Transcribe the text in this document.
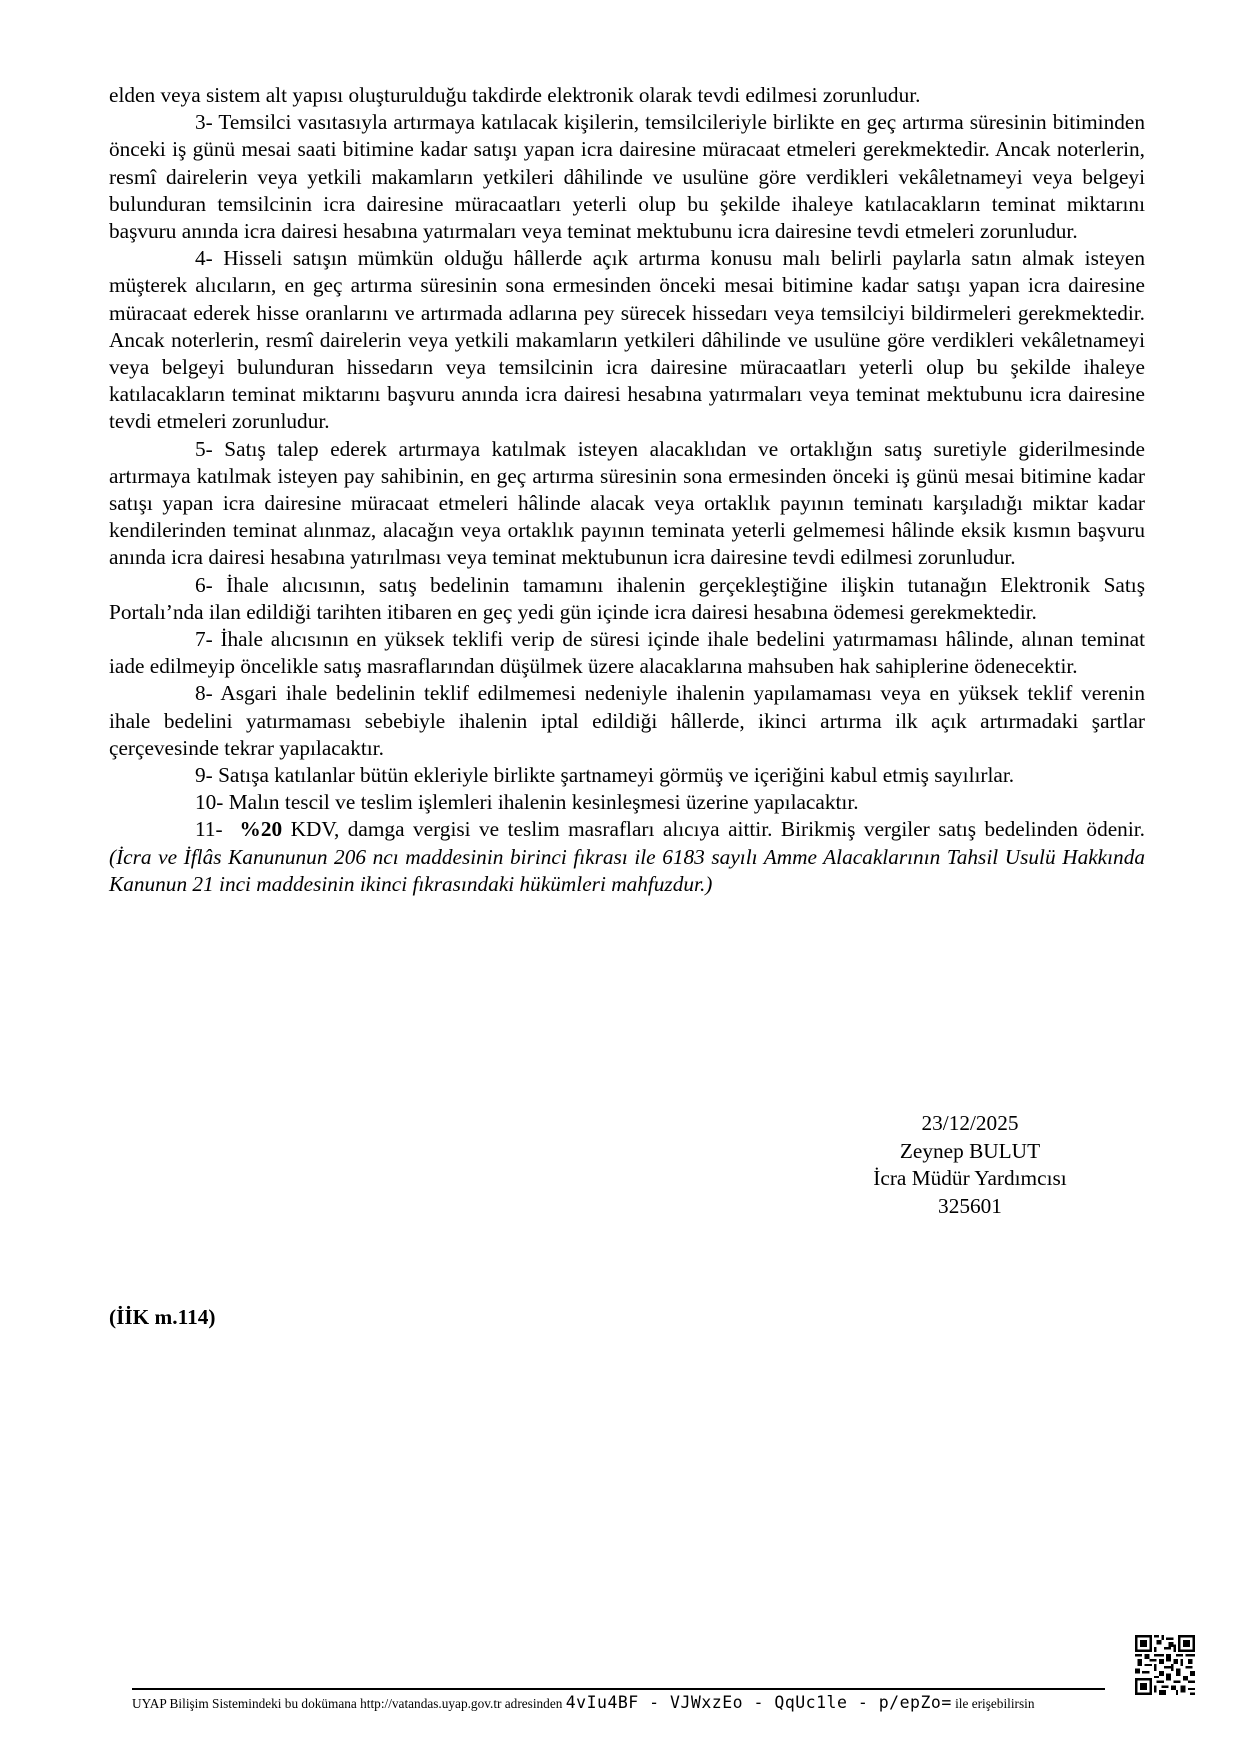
elden veya sistem alt yapısı oluşturulduğu takdirde elektronik olarak tevdi edilmesi zorunludur.

3- Temsilci vasıtasıyla artırmaya katılacak kişilerin, temsilcileriyle birlikte en geç artırma süresinin bitiminden önceki iş günü mesai saati bitimine kadar satışı yapan icra dairesine müracaat etmeleri gerekmektedir. Ancak noterlerin, resmî dairelerin veya yetkili makamların yetkileri dâhilinde ve usulüne göre verdikleri vekâletnameyi veya belgeyi bulunduran temsilcinin icra dairesine müracaatları yeterli olup bu şekilde ihaleye katılacakların teminat miktarını başvuru anında icra dairesi hesabına yatırmaları veya teminat mektubunu icra dairesine tevdi etmeleri zorunludur.

4- Hisseli satışın mümkün olduğu hâllerde açık artırma konusu malı belirli paylarla satın almak isteyen müşterek alıcıların, en geç artırma süresinin sona ermesinden önceki mesai bitimine kadar satışı yapan icra dairesine müracaat ederek hisse oranlarını ve artırmada adlarına pey sürecek hissedarı veya temsilciyi bildirmeleri gerekmektedir. Ancak noterlerin, resmî dairelerin veya yetkili makamların yetkileri dâhilinde ve usulüne göre verdikleri vekâletnameyi veya belgeyi bulunduran hissedarın veya temsilcinin icra dairesine müracaatları yeterli olup bu şekilde ihaleye katılacakların teminat miktarını başvuru anında icra dairesi hesabına yatırmaları veya teminat mektubunu icra dairesine tevdi etmeleri zorunludur.

5- Satış talep ederek artırmaya katılmak isteyen alacaklıdan ve ortaklığın satış suretiyle giderilmesinde artırmaya katılmak isteyen pay sahibinin, en geç artırma süresinin sona ermesinden önceki iş günü mesai bitimine kadar satışı yapan icra dairesine müracaat etmeleri hâlinde alacak veya ortaklık payının teminatı karşıladığı miktar kadar kendilerinden teminat alınmaz, alacağın veya ortaklık payının teminata yeterli gelmemesi hâlinde eksik kısmın başvuru anında icra dairesi hesabına yatırılması veya teminat mektubunun icra dairesine tevdi edilmesi zorunludur.

6- İhale alıcısının, satış bedelinin tamamını ihalenin gerçekleştiğine ilişkin tutanağın Elektronik Satış Portalı’nda ilan edildiği tarihten itibaren en geç yedi gün içinde icra dairesi hesabına ödemesi gerekmektedir.

7- İhale alıcısının en yüksek teklifi verip de süresi içinde ihale bedelini yatırmaması hâlinde, alınan teminat iade edilmeyip öncelikle satış masraflarından düşülmek üzere alacaklarına mahsuben hak sahiplerine ödenecektir.

8- Asgari ihale bedelinin teklif edilmemesi nedeniyle ihalenin yapılamaması veya en yüksek teklif verenin ihale bedelini yatırmaması sebebiyle ihalenin iptal edildiği hâllerde, ikinci artırma ilk açık artırmadaki şartlar çerçevesinde tekrar yapılacaktır.

9- Satışa katılanlar bütün ekleriyle birlikte şartnameyi görmüş ve içeriğini kabul etmiş sayılırlar.

10- Malın tescil ve teslim işlemleri ihalenin kesinleşmesi üzerine yapılacaktır.

11-  %20 KDV, damga vergisi ve teslim masrafları alıcıya aittir. Birikmiş vergiler satış bedelinden ödenir. (İcra ve İflâs Kanununun 206 ncı maddesinin birinci fıkrası ile 6183 sayılı Amme Alacaklarının Tahsil Usulü Hakkında Kanunun 21 inci maddesinin ikinci fıkrasındaki hükümleri mahfuzdur.)

23/12/2025
Zeynep BULUT
İcra Müdür Yardımcısı
325601
(İİK m.114)
UYAP Bilişim Sistemindeki bu dokümana http://vatandas.uyap.gov.tr adresinden 4vIu4BF - VJWxzEo - QqUc1le - p/epZo= ile erişebilirsin
